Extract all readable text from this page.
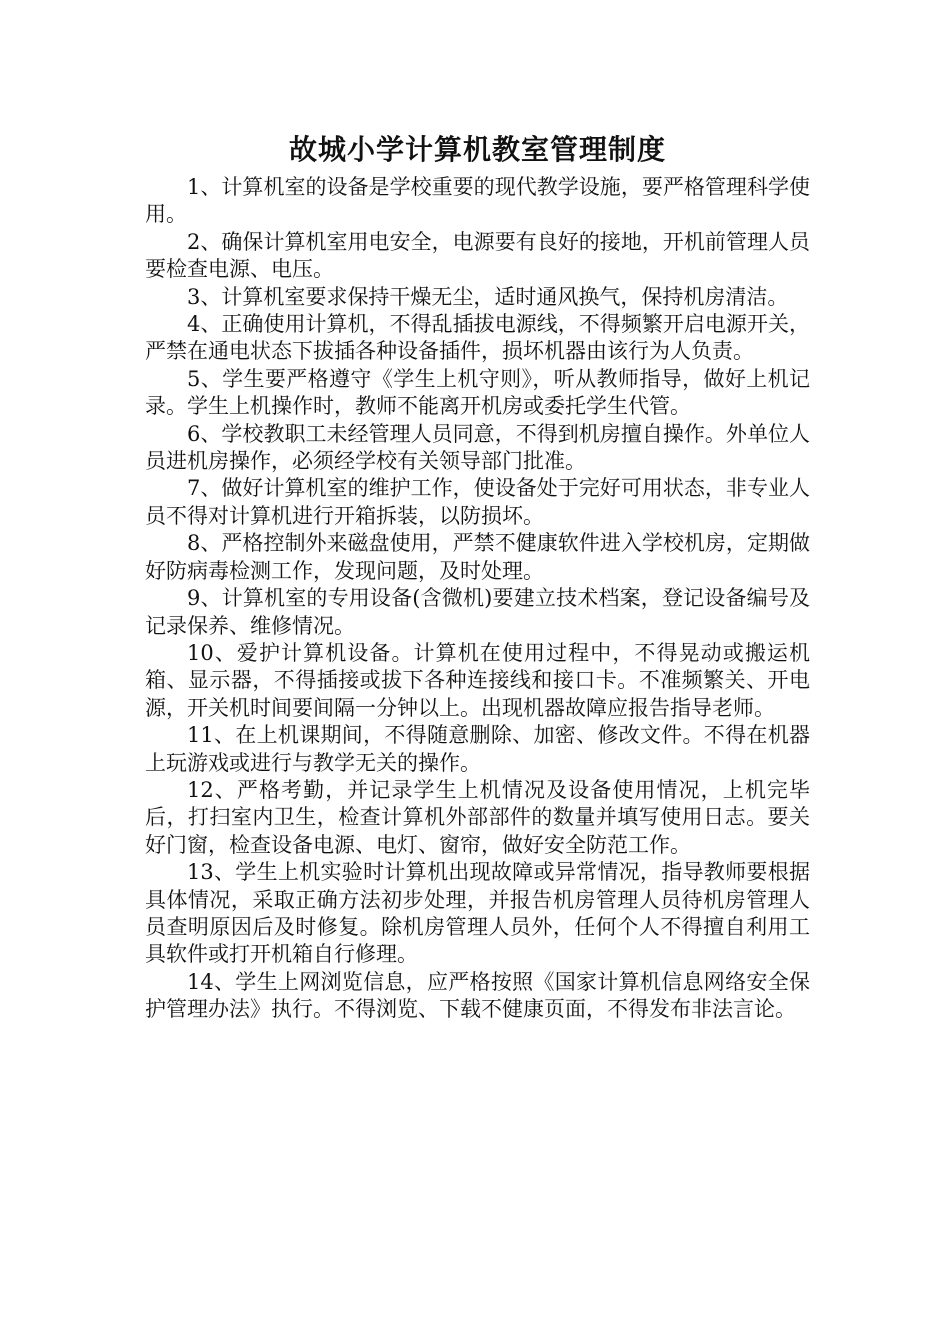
故城小学计算机教室管理制度

1、计算机室的设备是学校重要的现代教学设施，要严格管理科学使用。

2、确保计算机室用电安全，电源要有良好的接地，开机前管理人员要检查电源、电压。

3、计算机室要求保持干燥无尘，适时通风换气，保持机房清洁。

4、正确使用计算机，不得乱插拔电源线，不得频繁开启电源开关，严禁在通电状态下拔插各种设备插件，损坏机器由该行为人负责。

5、学生要严格遵守《学生上机守则》，听从教师指导，做好上机记录。学生上机操作时，教师不能离开机房或委托学生代管。

6、学校教职工未经管理人员同意，不得到机房擅自操作。外单位人员进机房操作，必须经学校有关领导部门批准。

7、做好计算机室的维护工作，使设备处于完好可用状态，非专业人员不得对计算机进行开箱拆装，以防损坏。

8、严格控制外来磁盘使用，严禁不健康软件进入学校机房，定期做好防病毒检测工作，发现问题，及时处理。

9、计算机室的专用设备(含微机)要建立技术档案，登记设备编号及记录保养、维修情况。

10、爱护计算机设备。计算机在使用过程中，不得晃动或搬运机箱、显示器，不得插接或拔下各种连接线和接口卡。不准频繁关、开电源，开关机时间要间隔一分钟以上。出现机器故障应报告指导老师。

11、在上机课期间，不得随意删除、加密、修改文件。不得在机器上玩游戏或进行与教学无关的操作。

12、严格考勤，并记录学生上机情况及设备使用情况，上机完毕后，打扫室内卫生，检查计算机外部部件的数量并填写使用日志。要关好门窗，检查设备电源、电灯、窗帘，做好安全防范工作。

13、学生上机实验时计算机出现故障或异常情况，指导教师要根据具体情况，采取正确方法初步处理，并报告机房管理人员待机房管理人员查明原因后及时修复。除机房管理人员外，任何个人不得擅自利用工具软件或打开机箱自行修理。

14、学生上网浏览信息，应严格按照《国家计算机信息网络安全保护管理办法》执行。不得浏览、下载不健康页面，不得发布非法言论。
